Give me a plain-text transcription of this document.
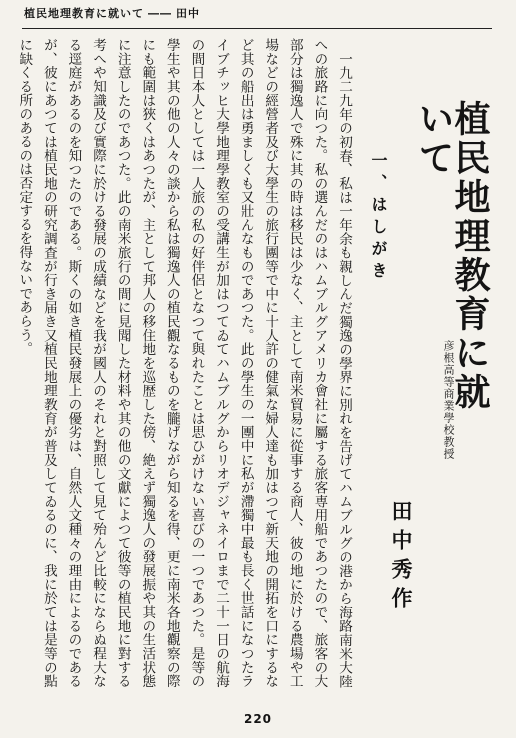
植民地理教育に就いて ―― 田中
植民地理教育に就いて
彦根高等商業學校教授
田中秀作
一、はしがき

一九二九年の初春、私は一年余も親しんだ獨逸の學界に別れを告げてハムブルグの港から海路南米大陸への旅路に向つた。私の選んだのはハムブルグアメリカ會社に屬する旅客専用船であつたので、旅客の大部分は獨逸人で殊に其の時は移民は少なく、主として南米貿易に從事する商人、彼の地に於ける農場や工場などの經營者及び大學生の旅行團等で中に十人許の健氣な婦人達も加はつて新天地の開拓を口にするなど其の船出は勇ましくも又壯んなものであつた。此の學生の一團中に私が滯獨中最も長く世話になつたライブチッヒ大學地理學教室の受講生が加はつてゐてハムブルグからリオデジャネイロまで二十一日の航海の間日本人としては一人旅の私の好伴侶となつて與れたことは思ひがけない喜びの一つであつた。是等の學生や其の他の人々の談から私は獨逸人の植民觀なるものを朧げながら知るを得、更に南米各地觀察の際にも範圍は狹くはあつたが、主として邦人の移住地を巡歴した傍、絶えず獨逸人の發展振や其の生活状態に注意したのであつた。此の南米旅行の間に見聞した材料や其の他の文獻によつて彼等の植民地に對する考へや知識及び實際に於ける發展の成績などを我が國人のそれと對照して見て殆んど比較にならぬ程大なる逕庭があるのを知つたのである。斯くの如き植民發展上の優劣は、自然人文種々の理由によるのであるが、彼にあつては植民地の研究調査が行き届き又植民地理教育が普及してゐるのに、我に於ては是等の點に缺くる所のあるのは否定するを得ないであらう。

220
